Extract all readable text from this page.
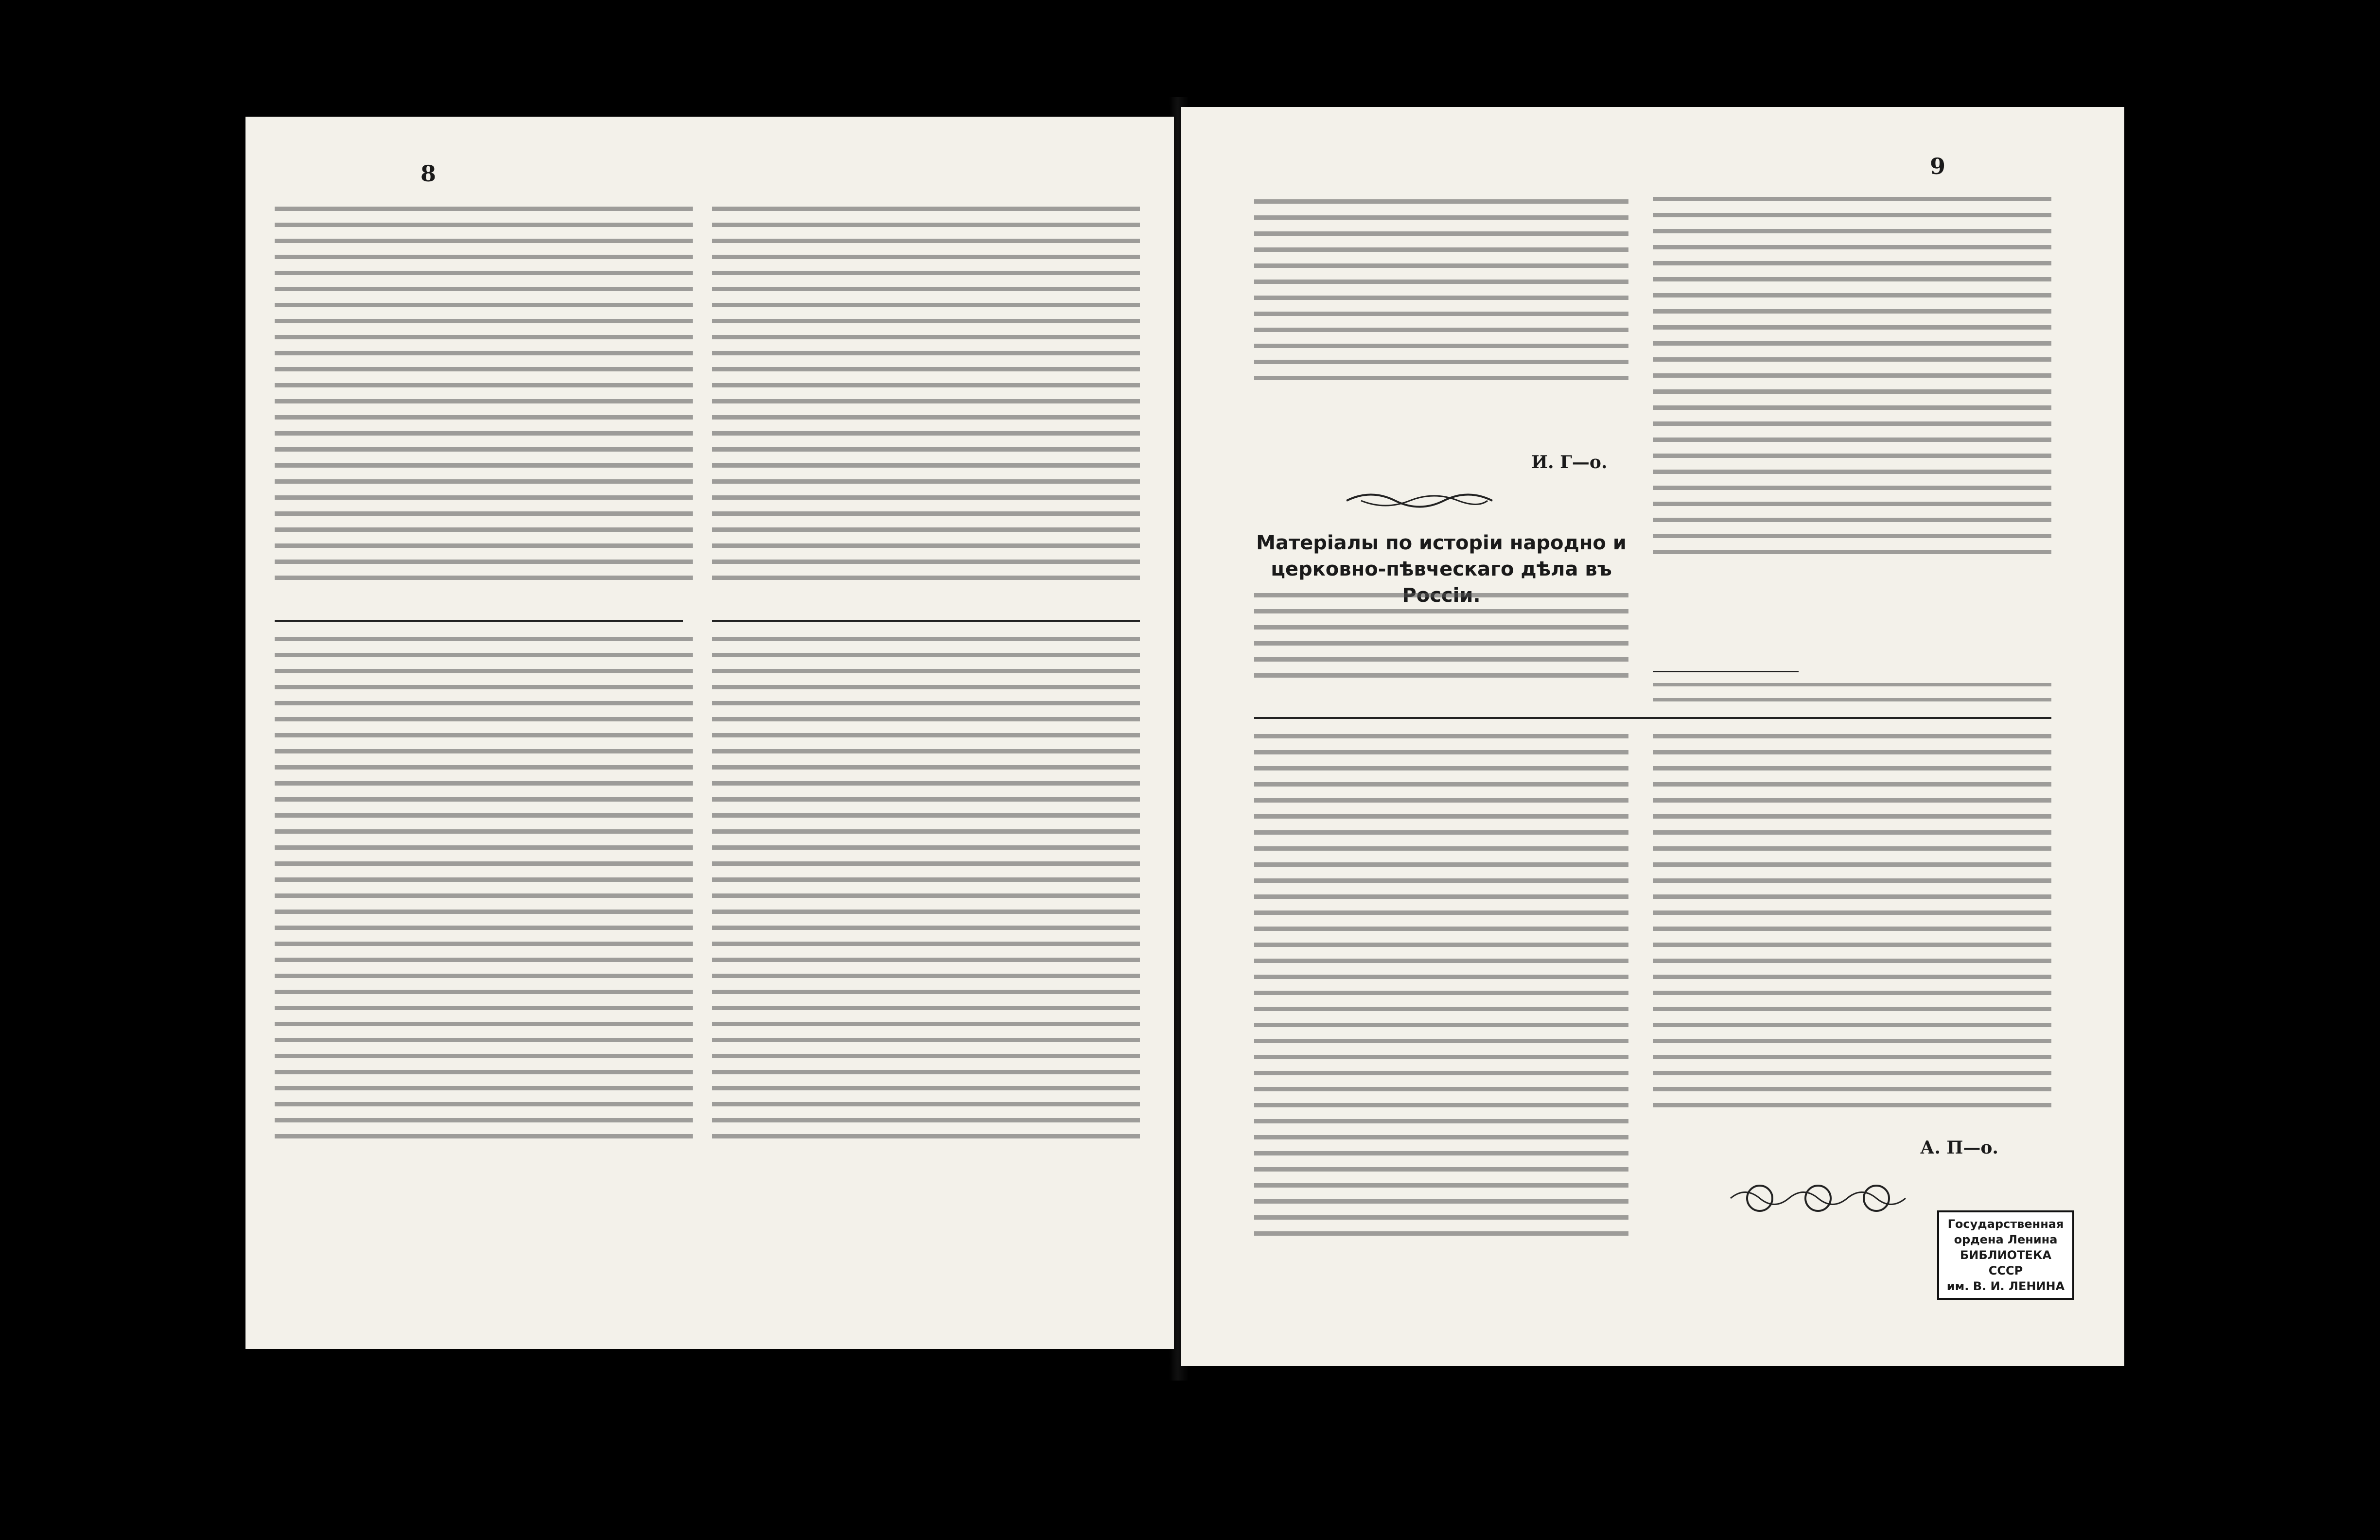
8	9
И. Г—о.
Матеріалы по исторіи народно и церковно-пѣвческаго дѣла въ
А. П—о.
Государственная
ордена Ленина
БИБЛИОТЕКА СССР
им. В. И. ЛЕНИНА
